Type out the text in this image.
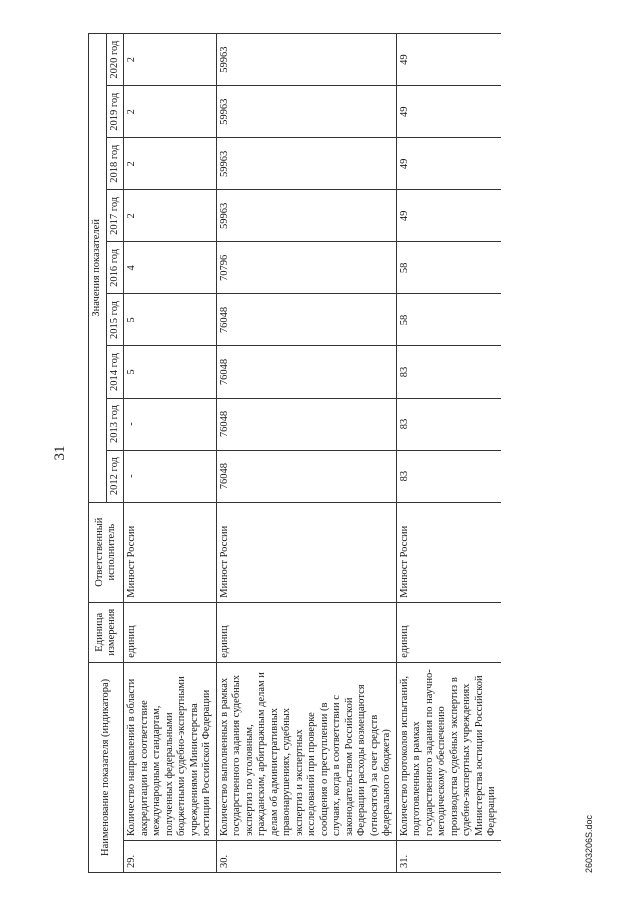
31
Наименование показателя (индикатора)		Единица измерения	Ответственный исполнитель	Значения показателей								
				2012 год	2013 год	2014 год	2015 год	2016 год	2017 год	2018 год	2019 год	2020 год
29.	Количество направлений в области аккредитации на соответствие международным стандартам, полученных федеральными бюджетными судебно-экспертными учреждениями Министерства юстиции Российской Федерации	единиц	Минюст России	-	-	5	5	4	2	2	2	2
30.	Количество выполненных в рамках государственного задания судебных экспертиз по уголовным, гражданским, арбитражным делам и делам об административных правонарушениях, судебных экспертиз и экспертных исследований при проверке сообщения о преступлении (в случаях, когда в соответствии с законодательством Российской Федерации расходы возмещаются (относятся) за счет средств федерального бюджета)	единиц	Минюст России	76048	76048	76048	76048	70796	59963	59963	59963	59963
31.	Количество протоколов испытаний, подготовленных в рамках государственного задания по научно-методическому обеспечению производства судебных экспертиз в судебно-экспертных учреждениях Министерства юстиции Российской Федерации	единиц	Минюст России	83	83	83	58	58	49	49	49	49
2603206S.doc
